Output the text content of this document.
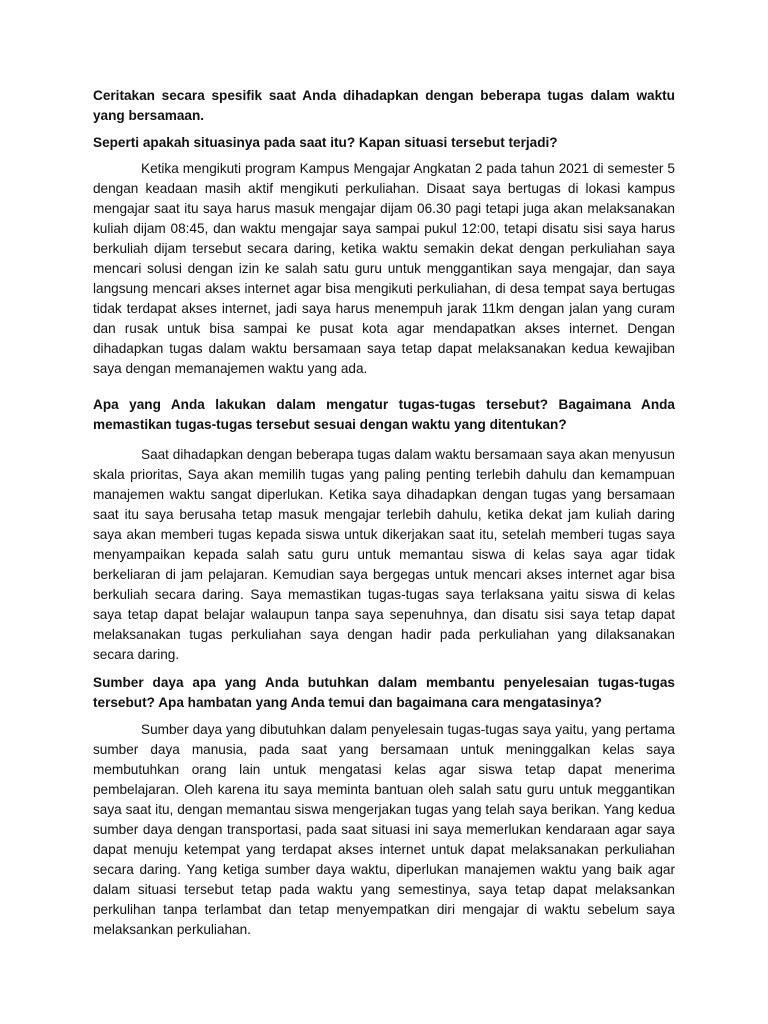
Ceritakan secara spesifik saat Anda dihadapkan dengan beberapa tugas dalam waktu yang bersamaan.

Seperti apakah situasinya pada saat itu? Kapan situasi tersebut terjadi?

Ketika mengikuti program Kampus Mengajar Angkatan 2 pada tahun 2021 di semester 5 dengan keadaan masih aktif mengikuti perkuliahan. Disaat saya bertugas di lokasi kampus mengajar saat itu saya harus masuk mengajar dijam 06.30 pagi tetapi juga akan melaksanakan kuliah dijam 08:45, dan waktu mengajar saya sampai pukul 12:00, tetapi disatu sisi saya harus berkuliah dijam tersebut secara daring, ketika waktu semakin dekat dengan perkuliahan saya mencari solusi dengan izin ke salah satu guru untuk menggantikan saya mengajar, dan saya langsung mencari akses internet agar bisa mengikuti perkuliahan, di desa tempat saya bertugas tidak terdapat akses internet, jadi saya harus menempuh jarak 11km dengan jalan yang curam dan rusak untuk bisa sampai ke pusat kota agar mendapatkan akses internet. Dengan dihadapkan tugas dalam waktu bersamaan saya tetap dapat melaksanakan kedua kewajiban saya dengan memanajemen waktu yang ada.

Apa yang Anda lakukan dalam mengatur tugas-tugas tersebut? Bagaimana Anda memastikan tugas-tugas tersebut sesuai dengan waktu yang ditentukan?

Saat dihadapkan dengan beberapa tugas dalam waktu bersamaan saya akan menyusun skala prioritas, Saya akan memilih tugas yang paling penting terlebih dahulu dan kemampuan manajemen waktu sangat diperlukan. Ketika saya dihadapkan dengan tugas yang bersamaan saat itu saya berusaha tetap masuk mengajar terlebih dahulu, ketika dekat jam kuliah daring saya akan memberi tugas kepada siswa untuk dikerjakan saat itu, setelah memberi tugas saya menyampaikan kepada salah satu guru untuk memantau siswa di kelas saya agar tidak berkeliaran di jam pelajaran. Kemudian saya bergegas untuk mencari akses internet agar bisa berkuliah secara daring. Saya memastikan tugas-tugas saya terlaksana yaitu siswa di kelas saya tetap dapat belajar walaupun tanpa saya sepenuhnya, dan disatu sisi saya tetap dapat melaksanakan tugas perkuliahan saya dengan hadir pada perkuliahan yang dilaksanakan secara daring.

Sumber daya apa yang Anda butuhkan dalam membantu penyelesaian tugas-tugas tersebut? Apa hambatan yang Anda temui dan bagaimana cara mengatasinya?

Sumber daya yang dibutuhkan dalam penyelesain tugas-tugas saya yaitu, yang pertama sumber daya manusia, pada saat yang bersamaan untuk meninggalkan kelas saya membutuhkan orang lain untuk mengatasi kelas agar siswa tetap dapat menerima pembelajaran. Oleh karena itu saya meminta bantuan oleh salah satu guru untuk meggantikan saya saat itu, dengan memantau siswa mengerjakan tugas yang telah saya berikan. Yang kedua sumber daya dengan transportasi, pada saat situasi ini saya memerlukan kendaraan agar saya dapat menuju ketempat yang terdapat akses internet untuk dapat melaksanakan perkuliahan secara daring. Yang ketiga sumber daya waktu, diperlukan manajemen waktu yang baik agar dalam situasi tersebut tetap pada waktu yang semestinya, saya tetap dapat melaksankan perkulihan tanpa terlambat dan tetap menyempatkan diri mengajar di waktu sebelum saya melaksankan perkuliahan.
